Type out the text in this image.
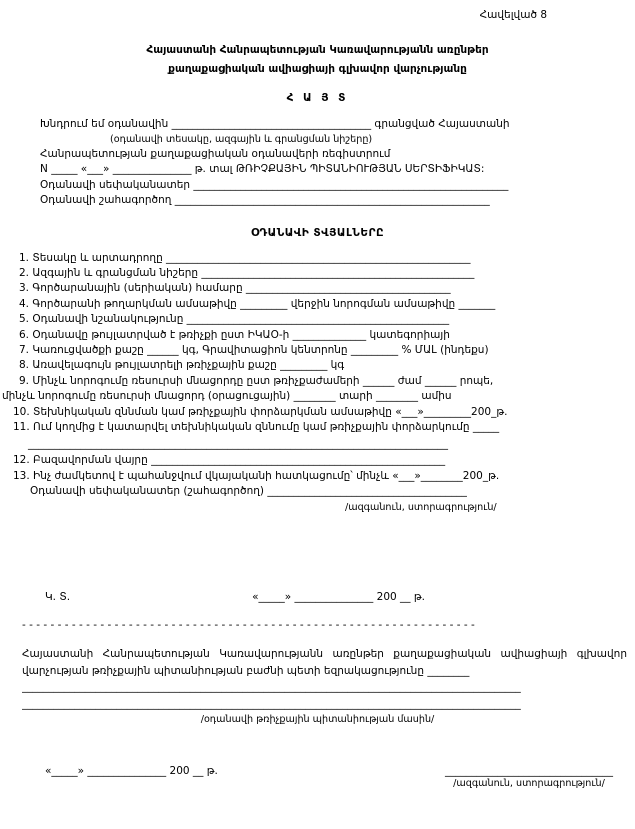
Հավելված 8
Հայաստանի Հանրապետության Կառավարությանն առընթեր
քաղաքացիական ավիացիայի գլխավոր վարչությանը
Հ Ա Յ Տ
Խնդրում եմ օդանավին ______________________________________ գրանցված Հայաստանի
(օդանավի տեսակը, ազգային և գրանցման նիշերը)
Հանրապետության քաղաքացիական օդանավերի ռեգիստրում
N _____ «___» _______________ թ. տալ ԹՌԻՉՔԱՅԻՆ ՊԻՏԱՆԻՈՒԹՅԱՆ ՍԵՐՏԻՖԻԿԱՏ:
Օդանավի սեփականատեր ____________________________________________________________
Օդանավի շահագործող ____________________________________________________________
ՕԴԱՆԱՎԻ ՏՎՅԱԼՆԵՐԸ
1. Տեսակը և արտադրողը __________________________________________________________
2. Ազգային և գրանցման նիշերը ____________________________________________________
3. Գործարանային (սերիական) համարը _______________________________________
4. Գործարանի թողարկման ամսաթիվը _________ վերջին նորոգման ամսաթիվը _______
5. Օդանավի նշանակությունը __________________________________________________
6. Օդանավը թույլատրված է թռիչքի ըստ ԻԿԱՕ-ի ______________ կատեգորիայի
7. Կառուցվածքի քաշը ______ կգ, Գրավիտացիոն կենտրոնը _________ % ՄԱԼ (ինդեքս)
8. Առավելագույն թույլատրելի թռիչքային քաշը _________ կգ
9. Մինչև նորոգումը ռեսուրսի մնացորդը ըստ թռիչքաժամերի ______ ժամ ______ րոպե,
մինչև նորոգումը ռեսուրսի մնացորդ (օրացուցային) ________ տարի ________ ամիս
10. Տեխնիկական զննման կամ թռիչքային փորձարկման ամսաթիվը «___»_________200_թ.
11. Ում կողմից է կատարվել տեխնիկական զննումը կամ թռիչքային փորձարկումը _____
________________________________________________________________________________
12. Բազավորման վայրը ________________________________________________________
13. Ինչ ժամկետով է պահանջվում վկայականի հատկացումը՝ մինչև «___»________200_թ.
Օդանավի սեփականատեր (շահագործող) ______________________________________
/ազգանուն, ստորագրություն/
Կ. Տ.	«_____» _______________ 200 __ թ.
- - - - - - - - - - - - - - - - - - - - - - - - - - - - - - - - - - - - - - - - - - - - - - - - - - - - - - - - - - - - - - - -
Հայաստանի Հանրապետության Կառավարությանն առընթեր քաղաքացիական ավիացիայի գլխավոր վարչության թռիչքային պիտանիության բաժնի պետի եզրակացությունը ________
_______________________________________________________________________________________________
_______________________________________________________________________________________________
/օդանավի թռիչքային պիտանիության մասին/
«_____» _______________ 200 __ թ.	________________________________
/ազգանուն, ստորագրություն/
